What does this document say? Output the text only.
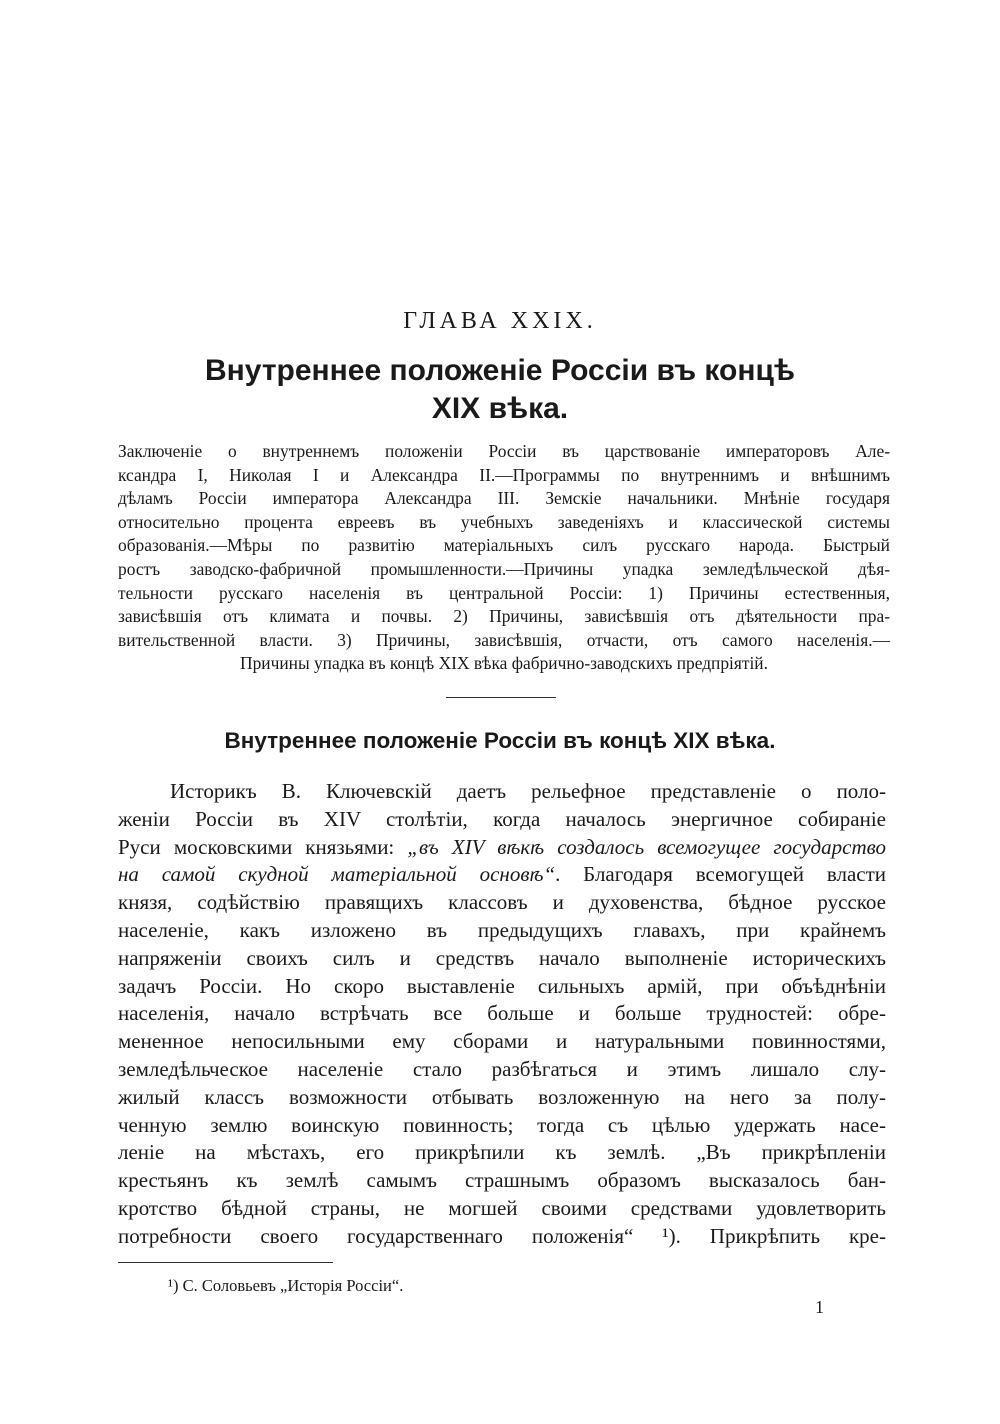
ГЛАВА XXIX.
Внутреннее положеніе Россіи въ концѣ
XIX вѣка.
Заключеніе о внутреннемъ положеніи Россіи въ царствованіе императоровъ Але-
ксандра I, Николая I и Александра II.—Программы по внутреннимъ и внѣшнимъ
дѣламъ Россіи императора Александра III. Земскіе начальники. Мнѣніе государя
относительно процента евреевъ въ учебныхъ заведеніяхъ и классической системы
образованія.—Мѣры по развитію матеріальныхъ силъ русскаго народа. Быстрый
ростъ заводско-фабричной промышленности.—Причины упадка земледѣльческой дѣя-
тельности русскаго населенія въ центральной Россіи: 1) Причины естественныя,
зависѣвшія отъ климата и почвы. 2) Причины, зависѣвшія отъ дѣятельности пра-
вительственной власти. 3) Причины, зависѣвшія, отчасти, отъ самого населенія.—
Причины упадка въ концѣ XIX вѣка фабрично-заводскихъ предпріятій.
Внутреннее положеніе Россіи въ концѣ XIX вѣка.
Историкъ В. Ключевскій даетъ рельефное представленіе о поло-
женіи Россіи въ XIV столѣтіи, когда началось энергичное собираніе
Руси московскими князьями: „въ XIV вѣкѣ создалось всемогущее государство
на самой скудной матеріальной основѣ“. Благодаря всемогущей власти
князя, содѣйствію правящихъ классовъ и духовенства, бѣдное русское
населеніе, какъ изложено въ предыдущихъ главахъ, при крайнемъ
напряженіи своихъ силъ и средствъ начало выполненіе историческихъ
задачъ Россіи. Но скоро выставленіе сильныхъ армій, при объѣднѣніи
населенія, начало встрѣчать все больше и больше трудностей: обре-
мененное непосильными ему сборами и натуральными повинностями,
земледѣльческое населеніе стало разбѣгаться и этимъ лишало слу-
жилый классъ возможности отбывать возложенную на него за полу-
ченную землю воинскую повинность; тогда съ цѣлью удержать насе-
леніе на мѣстахъ, его прикрѣпили къ землѣ. „Въ прикрѣпленіи
крестьянъ къ землѣ самымъ страшнымъ образомъ высказалось бан-
кротство бѣдной страны, не могшей своими средствами удовлетворить
потребности своего государственнаго положенія“ ¹). Прикрѣпить кре-
¹) С. Соловьевъ „Исторія Россіи“.
1
